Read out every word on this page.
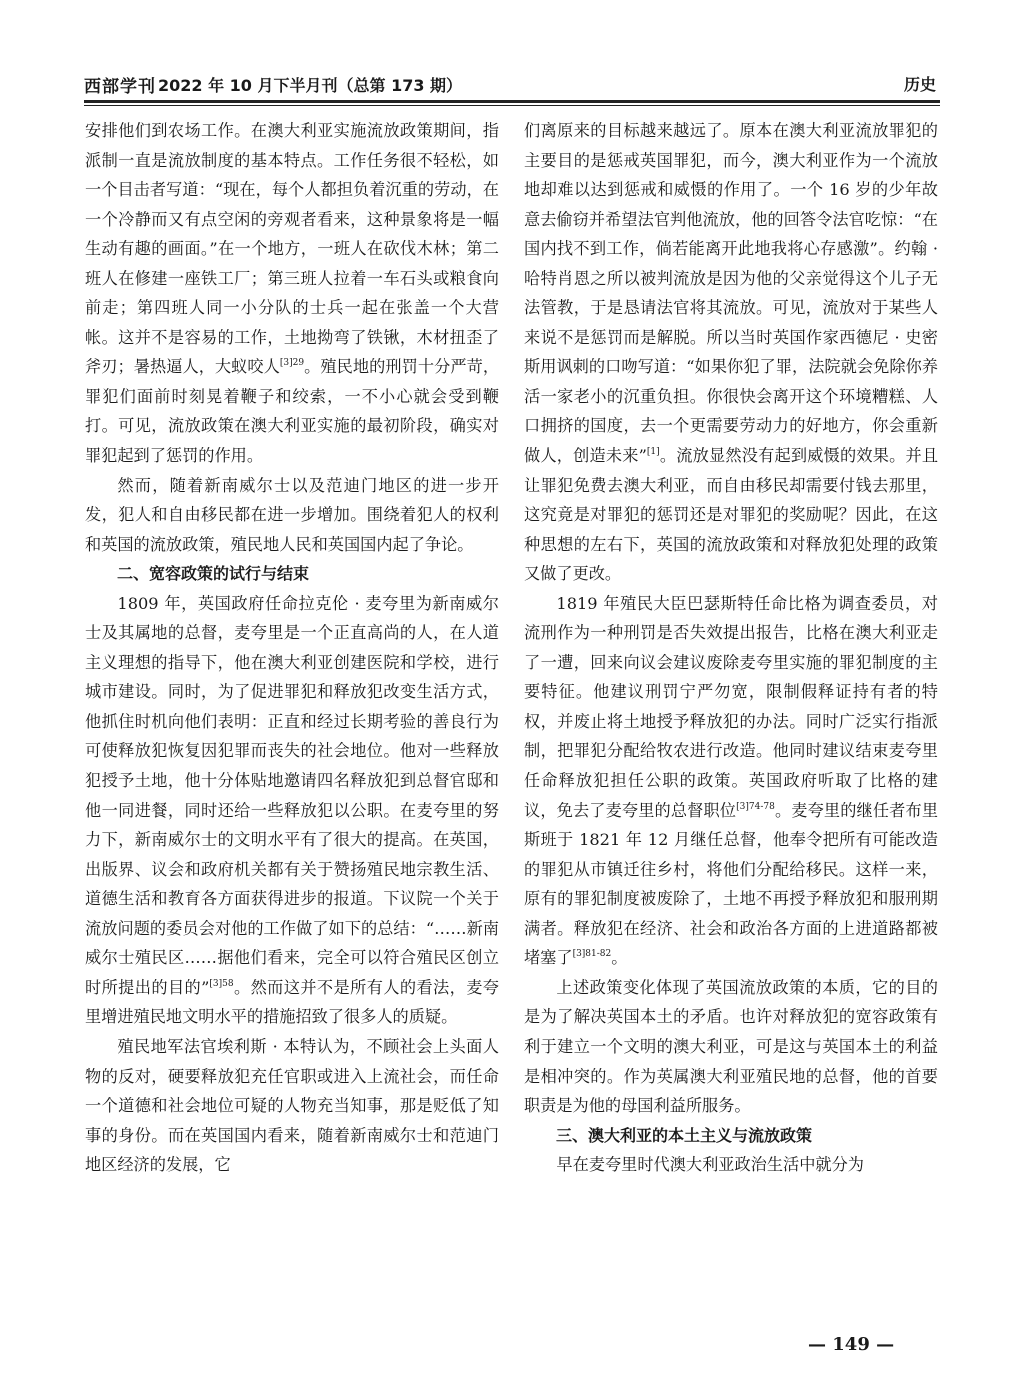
西部学刊 2022 年 10 月下半月刊（总第 173 期）	历史

安排他们到农场工作。在澳大利亚实施流放政策期间，指派制一直是流放制度的基本特点。工作任务很不轻松，如一个目击者写道：“现在，每个人都担负着沉重的劳动，在一个冷静而又有点空闲的旁观者看来，这种景象将是一幅生动有趣的画面。”在一个地方，一班人在砍伐木林；第二班人在修建一座铁工厂；第三班人拉着一车石头或粮食向前走；第四班人同一小分队的士兵一起在张盖一个大营帐。这并不是容易的工作，土地拗弯了铁锹，木材扭歪了斧刃；暑热逼人，大蚁咬人$^{[3]29}$。殖民地的刑罚十分严苛，罪犯们面前时刻晃着鞭子和绞索，一不小心就会受到鞭打。可见，流放政策在澳大利亚实施的最初阶段，确实对罪犯起到了惩罚的作用。

然而，随着新南威尔士以及范迪门地区的进一步开发，犯人和自由移民都在进一步增加。围绕着犯人的权利和英国的流放政策，殖民地人民和英国国内起了争论。

二、宽容政策的试行与结束

1809 年，英国政府任命拉克伦 · 麦夸里为新南威尔士及其属地的总督，麦夸里是一个正直高尚的人，在人道主义理想的指导下，他在澳大利亚创建医院和学校，进行城市建设。同时，为了促进罪犯和释放犯改变生活方式，他抓住时机向他们表明：正直和经过长期考验的善良行为可使释放犯恢复因犯罪而丧失的社会地位。他对一些释放犯授予土地，他十分体贴地邀请四名释放犯到总督官邸和他一同进餐，同时还给一些释放犯以公职。在麦夸里的努力下，新南威尔士的文明水平有了很大的提高。在英国，出版界、议会和政府机关都有关于赞扬殖民地宗教生活、道德生活和教育各方面获得进步的报道。下议院一个关于流放问题的委员会对他的工作做了如下的总结：“……新南威尔士殖民区……据他们看来，完全可以符合殖民区创立时所提出的目的”$^{[3]58}$。然而这并不是所有人的看法，麦夸里增进殖民地文明水平的措施招致了很多人的质疑。

殖民地军法官埃利斯 · 本特认为，不顾社会上头面人物的反对，硬要释放犯充任官职或进入上流社会，而任命一个道德和社会地位可疑的人物充当知事，那是贬低了知事的身份。而在英国国内看来，随着新南威尔士和范迪门地区经济的发展，它

们离原来的目标越来越远了。原本在澳大利亚流放罪犯的主要目的是惩戒英国罪犯，而今，澳大利亚作为一个流放地却难以达到惩戒和威慑的作用了。一个 16 岁的少年故意去偷窃并希望法官判他流放，他的回答令法官吃惊：“在国内找不到工作，倘若能离开此地我将心存感激”。约翰 · 哈特肖恩之所以被判流放是因为他的父亲觉得这个儿子无法管教，于是恳请法官将其流放。可见，流放对于某些人来说不是惩罚而是解脱。所以当时英国作家西德尼 · 史密斯用讽刺的口吻写道：“如果你犯了罪，法院就会免除你养活一家老小的沉重负担。你很快会离开这个环境糟糕、人口拥挤的国度，去一个更需要劳动力的好地方，你会重新做人，创造未来”[1]。流放显然没有起到威慑的效果。并且让罪犯免费去澳大利亚，而自由移民却需要付钱去那里，这究竟是对罪犯的惩罚还是对罪犯的奖励呢？因此，在这种思想的左右下，英国的流放政策和对释放犯处理的政策又做了更改。

1819 年殖民大臣巴瑟斯特任命比格为调查委员，对流刑作为一种刑罚是否失效提出报告，比格在澳大利亚走了一遭，回来向议会建议废除麦夸里实施的罪犯制度的主要特征。他建议刑罚宁严勿宽，限制假释证持有者的特权，并废止将土地授予释放犯的办法。同时广泛实行指派制，把罪犯分配给牧农进行改造。他同时建议结束麦夸里任命释放犯担任公职的政策。英国政府听取了比格的建议，免去了麦夸里的总督职位$^{[3]74-78}$。麦夸里的继任者布里斯班于 1821 年 12 月继任总督，他奉令把所有可能改造的罪犯从市镇迁往乡村，将他们分配给移民。这样一来，原有的罪犯制度被废除了，土地不再授予释放犯和服刑期满者。释放犯在经济、社会和政治各方面的上进道路都被堵塞了$^{[3]81-82}$。

上述政策变化体现了英国流放政策的本质，它的目的是为了解决英国本土的矛盾。也许对释放犯的宽容政策有利于建立一个文明的澳大利亚，可是这与英国本土的利益是相冲突的。作为英属澳大利亚殖民地的总督，他的首要职责是为他的母国利益所服务。

三、澳大利亚的本土主义与流放政策

早在麦夸里时代澳大利亚政治生活中就分为

— 149 —
